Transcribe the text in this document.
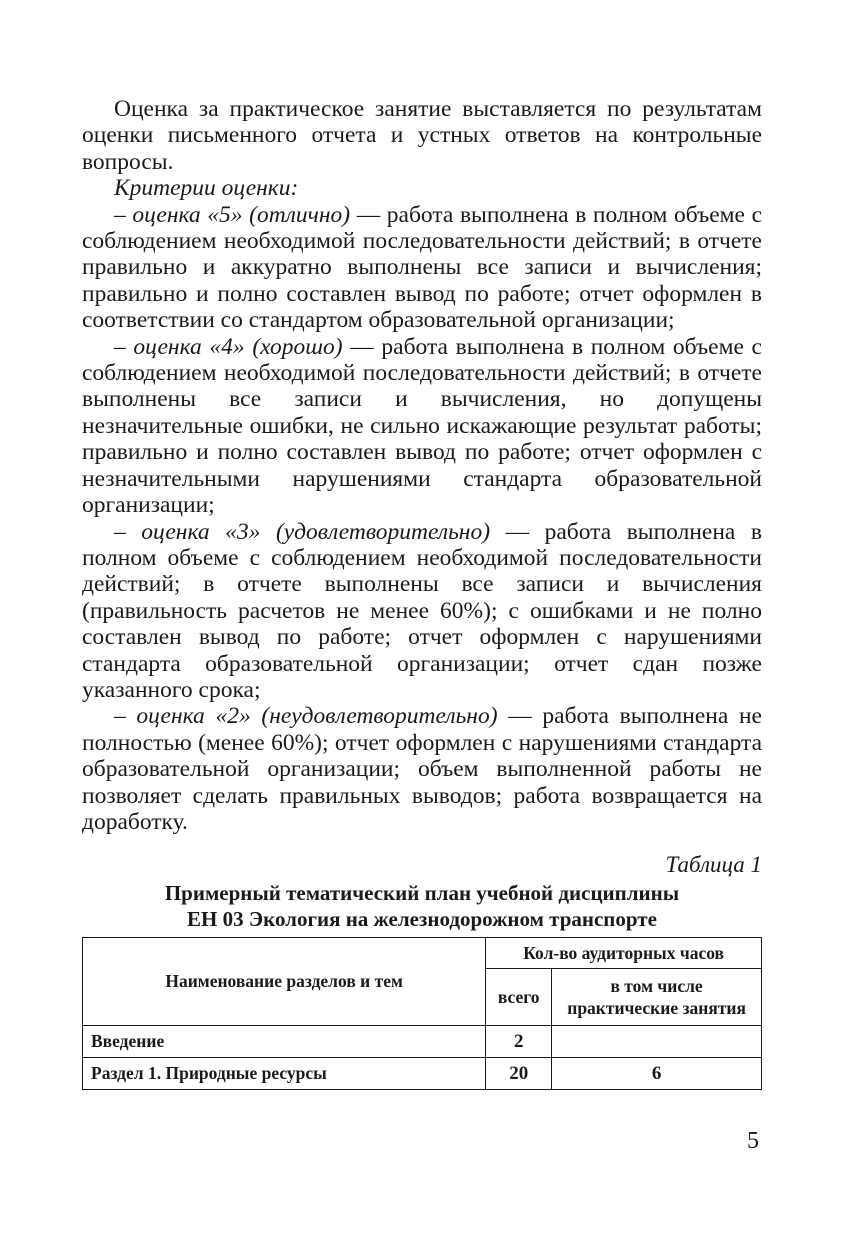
Оценка за практическое занятие выставляется по результатам оценки письменного отчета и устных ответов на контрольные вопросы.

Критерии оценки:

– оценка «5» (отлично) — работа выполнена в полном объеме с соблюдением необходимой последовательности действий; в отчете правильно и аккуратно выполнены все записи и вычисления; правильно и полно составлен вывод по работе; отчет оформлен в соответствии со стандартом образовательной организации;

– оценка «4» (хорошо) — работа выполнена в полном объеме с соблюдением необходимой последовательности действий; в отчете выполнены все записи и вычисления, но допущены незначительные ошибки, не сильно искажающие результат работы; правильно и полно составлен вывод по работе; отчет оформлен с незначительными нарушениями стандарта образовательной организации;

– оценка «3» (удовлетворительно) — работа выполнена в полном объеме с соблюдением необходимой последовательности действий; в отчете выполнены все записи и вычисления (правильность расчетов не менее 60%); с ошибками и не полно составлен вывод по работе; отчет оформлен с нарушениями стандарта образовательной организации; отчет сдан позже указанного срока;

– оценка «2» (неудовлетворительно) — работа выполнена не полностью (менее 60%); отчет оформлен с нарушениями стандарта образовательной организации; объем выполненной работы не позволяет сделать правильных выводов; работа возвращается на доработку.

Таблица 1
Примерный тематический план учебной дисциплины
ЕН 03 Экология на железнодорожном транспорте
Наименование разделов и тем	Кол-во аудиторных часов	
	всего	в том числе
практические занятия

Введение	2	
Раздел 1. Природные ресурсы	20	6
5
